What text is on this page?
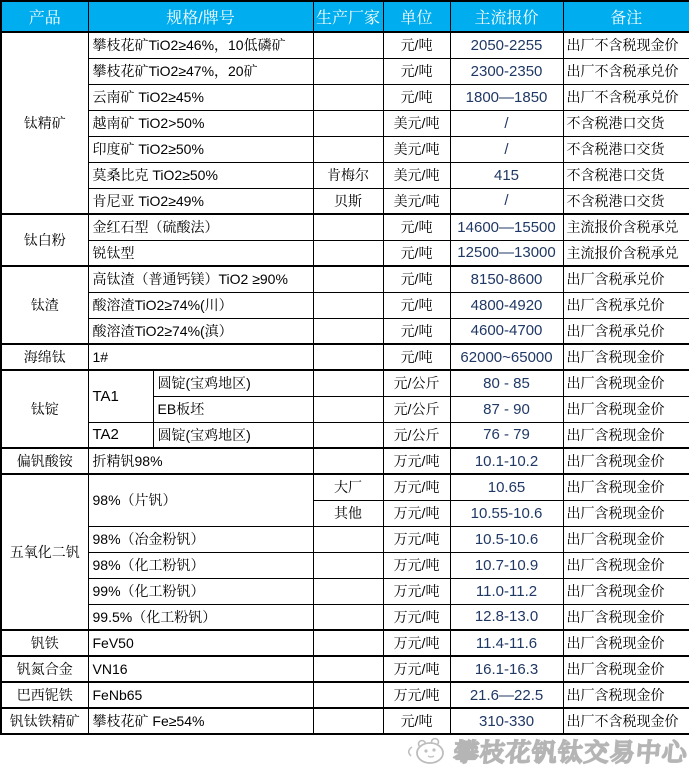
产品	规格/牌号		生产厂家	单位	主流报价	备注
钛精矿	攀枝花矿TiO2≥46%，10低磷矿			元/吨	2050-2255	出厂不含税现金价
	攀枝花矿TiO2≥47%，20矿			元/吨	2300-2350	出厂不含税承兑价
	云南矿 TiO2≥45%			元/吨	1800—1850	出厂不含税承兑价
	越南矿 TiO2>50%			美元/吨	/	不含税港口交货
	印度矿 TiO2≥50%			美元/吨	/	不含税港口交货
	莫桑比克 TiO2≥50%		肯梅尔	美元/吨	415	不含税港口交货
	肯尼亚 TiO2≥49%		贝斯	美元/吨	/	不含税港口交货
钛白粉	金红石型（硫酸法）			元/吨	14600—15500	主流报价含税承兑
	锐钛型			元/吨	12500—13000	主流报价含税承兑
钛渣	高钛渣（普通钙镁）TiO2 ≥90%			元/吨	8150-8600	出厂含税承兑价
	酸溶渣TiO2≥74%(川）			元/吨	4800-4920	出厂含税承兑价
	酸溶渣TiO2≥74%(滇）			元/吨	4600-4700	出厂含税承兑价
海绵钛	1#			元/吨	62000~65000	出厂含税现金价
钛锭	TA1	圆锭(宝鸡地区)		元/公斤	80 - 85	出厂含税现金价
		EB板坯		元/公斤	87 - 90	出厂含税现金价
	TA2	圆锭(宝鸡地区)		元/公斤	76 - 79	出厂含税现金价
偏钒酸铵	折精钒98%			万元/吨	10.1-10.2	出厂含税现金价
五氧化二钒	98%（片钒）		大厂	万元/吨	10.65	出厂含税现金价
			其他	万元/吨	10.55-10.6	出厂含税现金价
	98%（冶金粉钒）			万元/吨	10.5-10.6	出厂含税现金价
	98%（化工粉钒）			万元/吨	10.7-10.9	出厂含税现金价
	99%（化工粉钒）			万元/吨	11.0-11.2	出厂含税现金价
	99.5%（化工粉钒）			万元/吨	12.8-13.0	出厂含税现金价
钒铁	FeV50			万元/吨	11.4-11.6	出厂含税现金价
钒氮合金	VN16			万元/吨	16.1-16.3	出厂含税现金价
巴西铌铁	FeNb65			万元/吨	21.6—22.5	出厂含税现金价
钒钛铁精矿	攀枝花矿 Fe≥54%			元/吨	310-330	出厂不含税现金价
攀枝花钒钛交易中心
